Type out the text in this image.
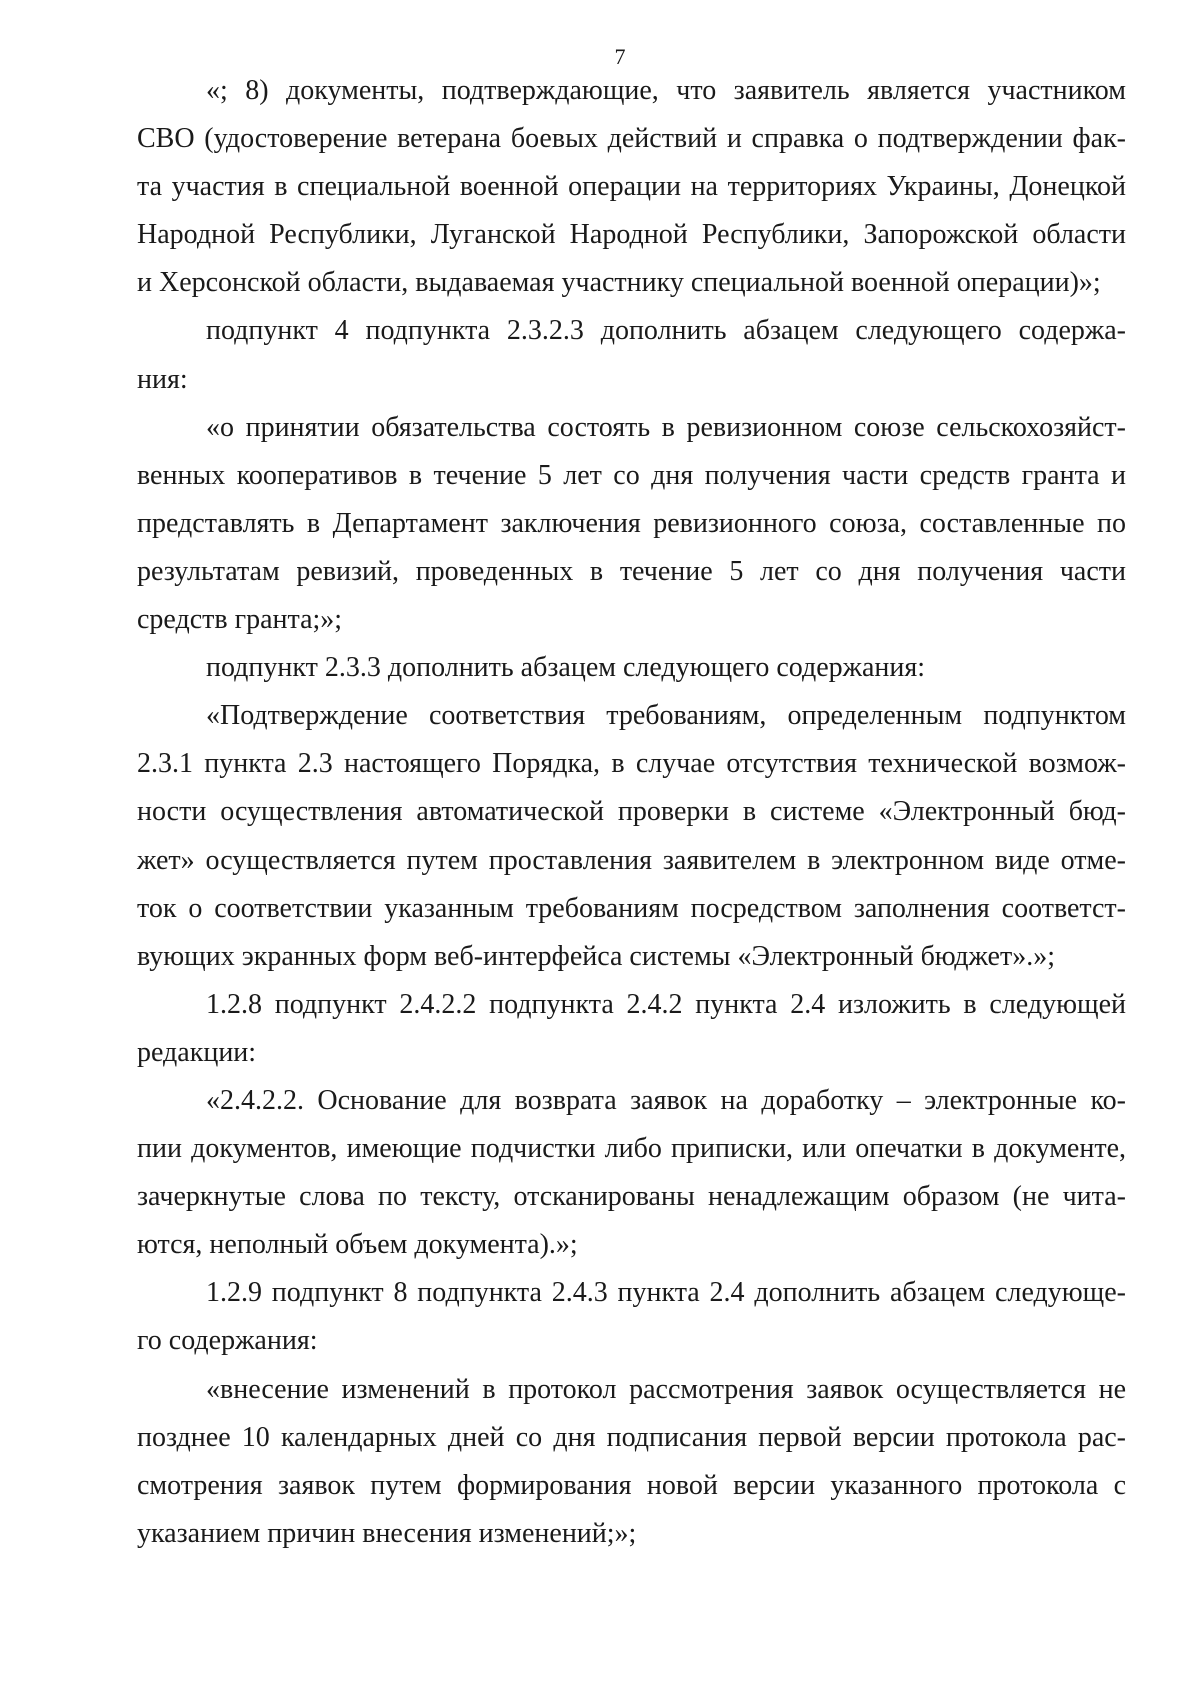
7
«; 8) документы, подтверждающие, что заявитель является участником
СВО (удостоверение ветерана боевых действий и справка о подтверждении фак-
та участия в специальной военной операции на территориях Украины, Донецкой
Народной Республики, Луганской Народной Республики, Запорожской области
и Херсонской области, выдаваемая участнику специальной военной операции)»;
подпункт 4 подпункта 2.3.2.3 дополнить абзацем следующего содержа-
ния:
«о принятии обязательства состоять в ревизионном союзе сельскохозяйст-
венных кооперативов в течение 5 лет со дня получения части средств гранта и
представлять в Департамент заключения ревизионного союза, составленные по
результатам ревизий, проведенных в течение 5 лет со дня получения части
средств гранта;»;
подпункт 2.3.3 дополнить абзацем следующего содержания:
«Подтверждение соответствия требованиям, определенным подпунктом
2.3.1 пункта 2.3 настоящего Порядка, в случае отсутствия технической возмож-
ности осуществления автоматической проверки в системе «Электронный бюд-
жет» осуществляется путем проставления заявителем в электронном виде отме-
ток о соответствии указанным требованиям посредством заполнения соответст-
вующих экранных форм веб-интерфейса системы «Электронный бюджет».»;
1.2.8 подпункт 2.4.2.2 подпункта 2.4.2 пункта 2.4 изложить в следующей
редакции:
«2.4.2.2. Основание для возврата заявок на доработку – электронные ко-
пии документов, имеющие подчистки либо приписки, или опечатки в документе,
зачеркнутые слова по тексту, отсканированы ненадлежащим образом (не чита-
ются, неполный объем документа).»;
1.2.9 подпункт 8 подпункта 2.4.3 пункта 2.4 дополнить абзацем следующе-
го содержания:
«внесение изменений в протокол рассмотрения заявок осуществляется не
позднее 10 календарных дней со дня подписания первой версии протокола рас-
смотрения заявок путем формирования новой версии указанного протокола с
указанием причин внесения изменений;»;
